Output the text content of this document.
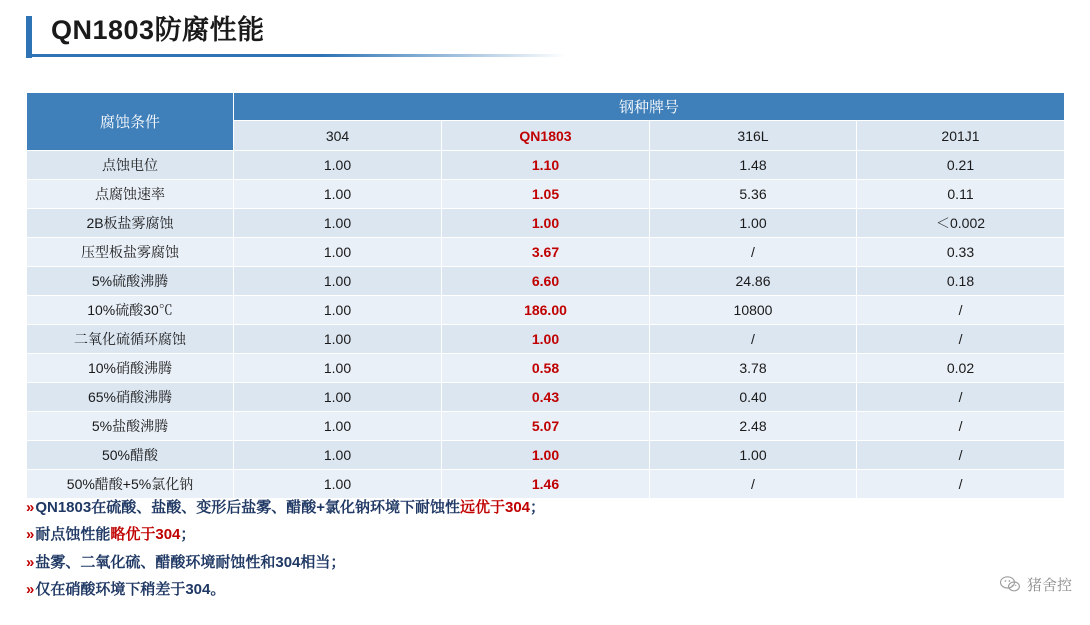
QN1803防腐性能
腐蚀条件	钢种牌号			
	304	QN1803	316L	201J1
点蚀电位	1.00	1.10	1.48	0.21
点腐蚀速率	1.00	1.05	5.36	0.11
2B板盐雾腐蚀	1.00	1.00	1.00	＜0.002
压型板盐雾腐蚀	1.00	3.67	/	0.33
5%硫酸沸腾	1.00	6.60	24.86	0.18
10%硫酸30℃	1.00	186.00	10800	/
二氧化硫循环腐蚀	1.00	1.00	/	/
10%硝酸沸腾	1.00	0.58	3.78	0.02
65%硝酸沸腾	1.00	0.43	0.40	/
5%盐酸沸腾	1.00	5.07	2.48	/
50%醋酸	1.00	1.00	1.00	/
50%醋酸+5%氯化钠	1.00	1.46	/	/
»QN1803在硫酸、盐酸、变形后盐雾、醋酸+氯化钠环境下耐蚀性远优于304；
»耐点蚀性能略优于304；
»盐雾、二氧化硫、醋酸环境耐蚀性和304相当；
»仅在硝酸环境下稍差于304。	猪舍控
